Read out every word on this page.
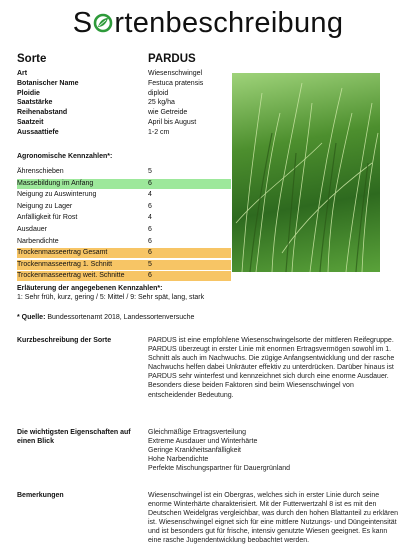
S rtenbeschreibung
Sorte	PARDUS
Art	Wiesenschwingel
Botanischer Name	Festuca pratensis
Ploidie	diploid
Saatstärke	25 kg/ha
Reihenabstand	wie Getreide
Saatzeit	April bis August
Aussaattiefe	1-2 cm
Agronomische Kennzahlen*:
Ährenschieben	5
Massebildung im Anfang	6
Neigung zu Auswinterung	4
Neigung zu Lager	6
Anfälligkeit für Rost	4
Ausdauer	6
Narbendichte	6
Trockenmasseertrag Gesamt	6
Trockenmasseertrag 1. Schnitt	5
Trockenmasseertrag weit. Schnitte	6
Erläuterung der angegebenen Kennzahlen*:
1: Sehr früh, kurz, gering / 5: Mittel / 9: Sehr spät, lang, stark
* Quelle: Bundessortenamt 2018, Landessortenversuche
Kurzbeschreibung der Sorte	PARDUS ist eine empfohlene Wiesenschwingelsorte der mittleren Reifegruppe. PARDUS überzeugt in erster Linie mit enormen Ertragsvermögen sowohl im 1. Schnitt als auch im Nachwuchs. Die zügige Anfangsentwicklung und der rasche Nachwuchs helfen dabei Unkräuter effektiv zu unterdrücken. Darüber hinaus ist PARDUS sehr winterfest und kennzeichnet sich durch eine enorme Ausdauer. Besonders diese beiden Faktoren sind beim Wiesenschwingel von entscheidender Bedeutung.
Die wichtigsten Eigenschaften auf
einen Blick
Gleichmäßige Ertragsverteilung
Extreme Ausdauer und Winterhärte
Geringe Krankheitsanfälligkeit
Hohe Narbendichte
Perfekte Mischungspartner für Dauergrünland
Bemerkungen	Wiesenschwingel ist ein Obergras, welches sich in erster Linie durch seine enorme Winterhärte charakterisiert. Mit der Futterwertzahl 8 ist es mit den Deutschen Weidelgras vergleichbar, was durch den hohen Blattanteil zu erklären ist. Wiesenschwingel eignet sich für eine mittlere Nutzungs- und Düngeintensität und ist besonders gut für frische, intensiv genutzte Wiesen geeignet. Es kann eine rasche Jugendentwicklung beobachtet werden.
